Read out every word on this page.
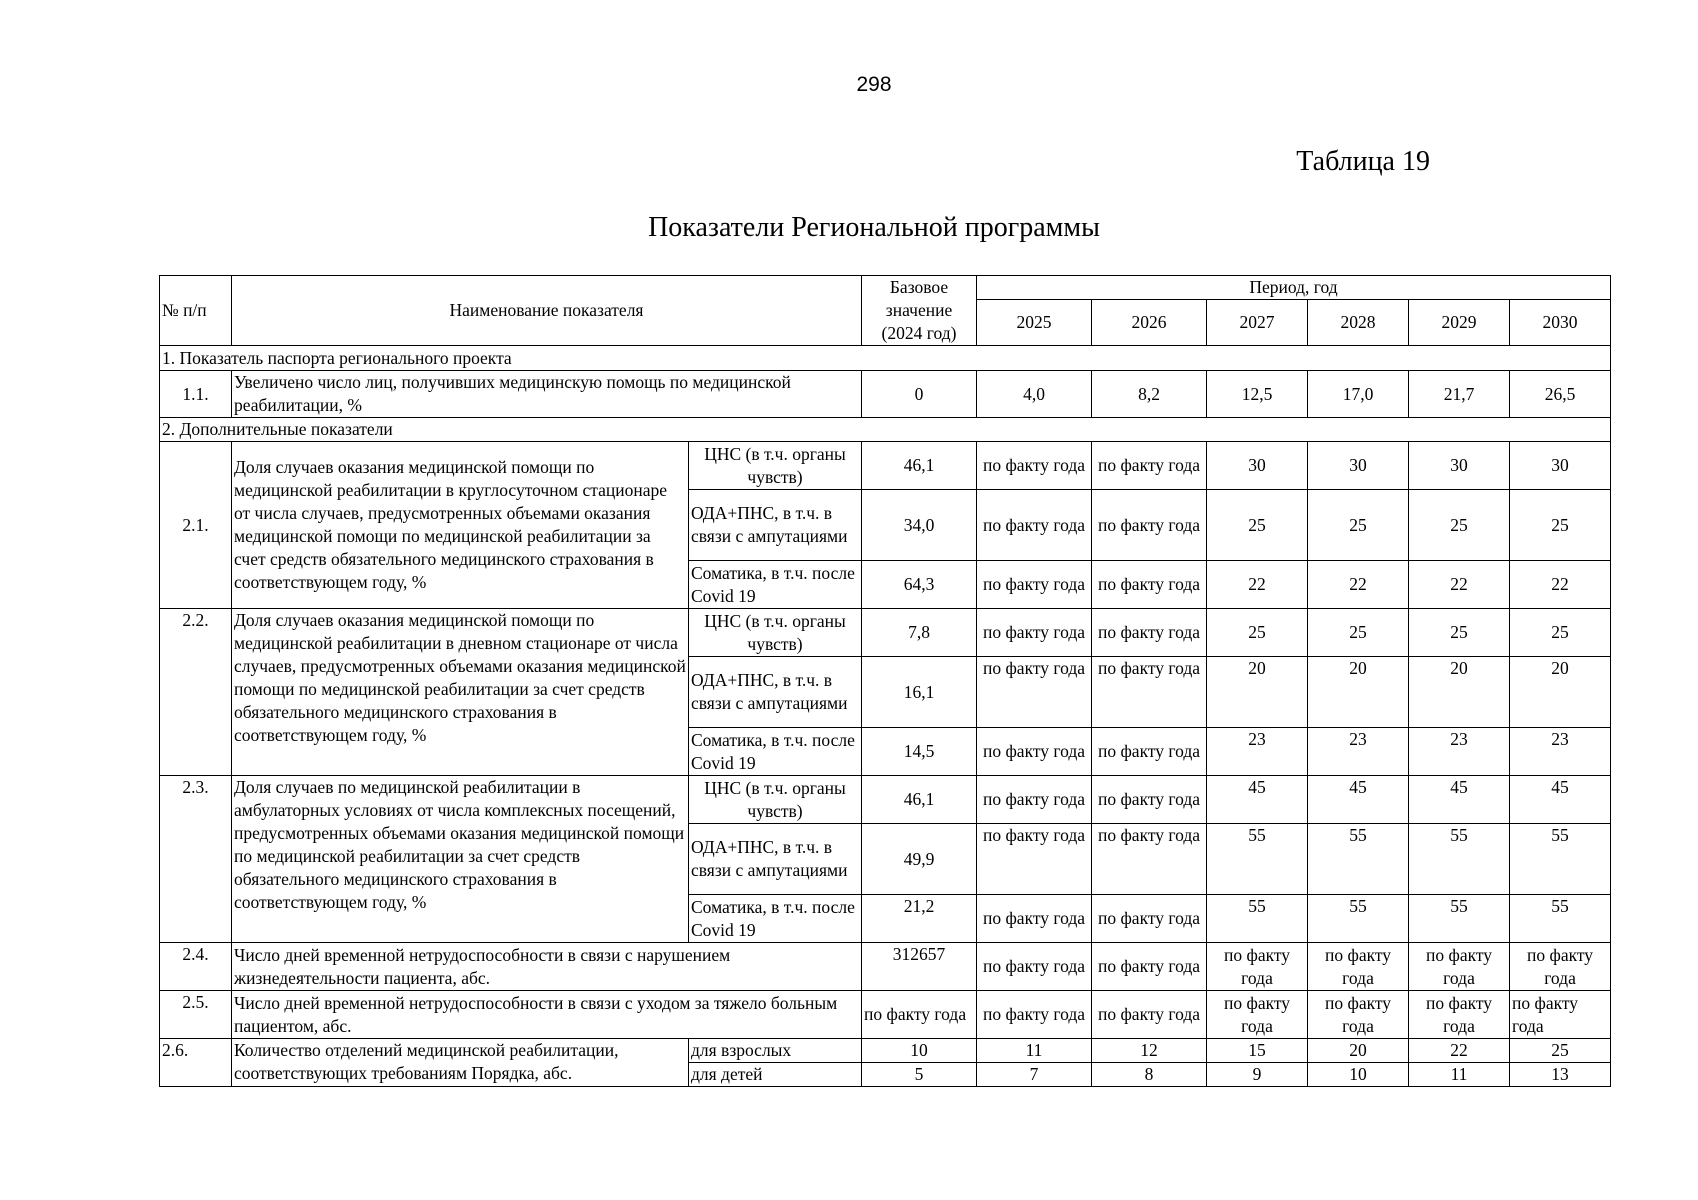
298
Таблица 19
Показатели Региональной программы
№ п/п	Наименование показателя		Базовое значение (2024 год)	Период, год					
				2025	2026	2027	2028	2029	2030
1. Показатель паспорта регионального проекта									
1.1.	Увеличено число лиц, получивших медицинскую помощь по медицинской реабилитации, %		0	4,0	8,2	12,5	17,0	21,7	26,5
2. Дополнительные показатели									
2.1.	Доля случаев оказания медицинской помощи по медицинской реабилитации в круглосуточном стационаре от числа случаев, предусмотренных объемами оказания медицинской помощи по медицинской реабилитации за счет средств обязательного медицинского страхования в соответствующем году, %	ЦНС (в т.ч. органы чувств)	46,1	по факту года	по факту года	30	30	30	30
		ОДА+ПНС, в т.ч. в связи с ампутациями	34,0	по факту года	по факту года	25	25	25	25
		Соматика, в т.ч. после Covid 19	64,3	по факту года	по факту года	22	22	22	22
2.2.	Доля случаев оказания медицинской помощи по медицинской реабилитации в дневном стационаре от числа случаев, предусмотренных объемами оказания медицинской помощи по медицинской реабилитации за счет средств обязательного медицинского страхования в соответствующем году, %	ЦНС (в т.ч. органы чувств)	7,8	по факту года	по факту года	25	25	25	25
		ОДА+ПНС, в т.ч. в связи с ампутациями	16,1	по факту года	по факту года	20	20	20	20
		Соматика, в т.ч. после Covid 19	14,5	по факту года	по факту года	23	23	23	23
2.3.	Доля случаев по медицинской реабилитации в амбулаторных условиях от числа комплексных посещений, предусмотренных объемами оказания медицинской помощи по медицинской реабилитации за счет средств обязательного медицинского страхования в соответствующем году, %	ЦНС (в т.ч. органы чувств)	46,1	по факту года	по факту года	45	45	45	45
		ОДА+ПНС, в т.ч. в связи с ампутациями	49,9	по факту года	по факту года	55	55	55	55
		Соматика, в т.ч. после Covid 19	21,2	по факту года	по факту года	55	55	55	55
2.4.	Число дней временной нетрудоспособности в связи с нарушением жизнедеятельности пациента, абс.		312657	по факту года	по факту года	по факту года	по факту года	по факту года	по факту года
2.5.	Число дней временной нетрудоспособности в связи с уходом за тяжело больным пациентом, абс.		по факту года	по факту года	по факту года	по факту года	по факту года	по факту года	по факту года
2.6.	Количество отделений медицинской реабилитации, соответствующих требованиям Порядка, абс.	для взрослых	10	11	12	15	20	22	25
		для детей	5	7	8	9	10	11	13
